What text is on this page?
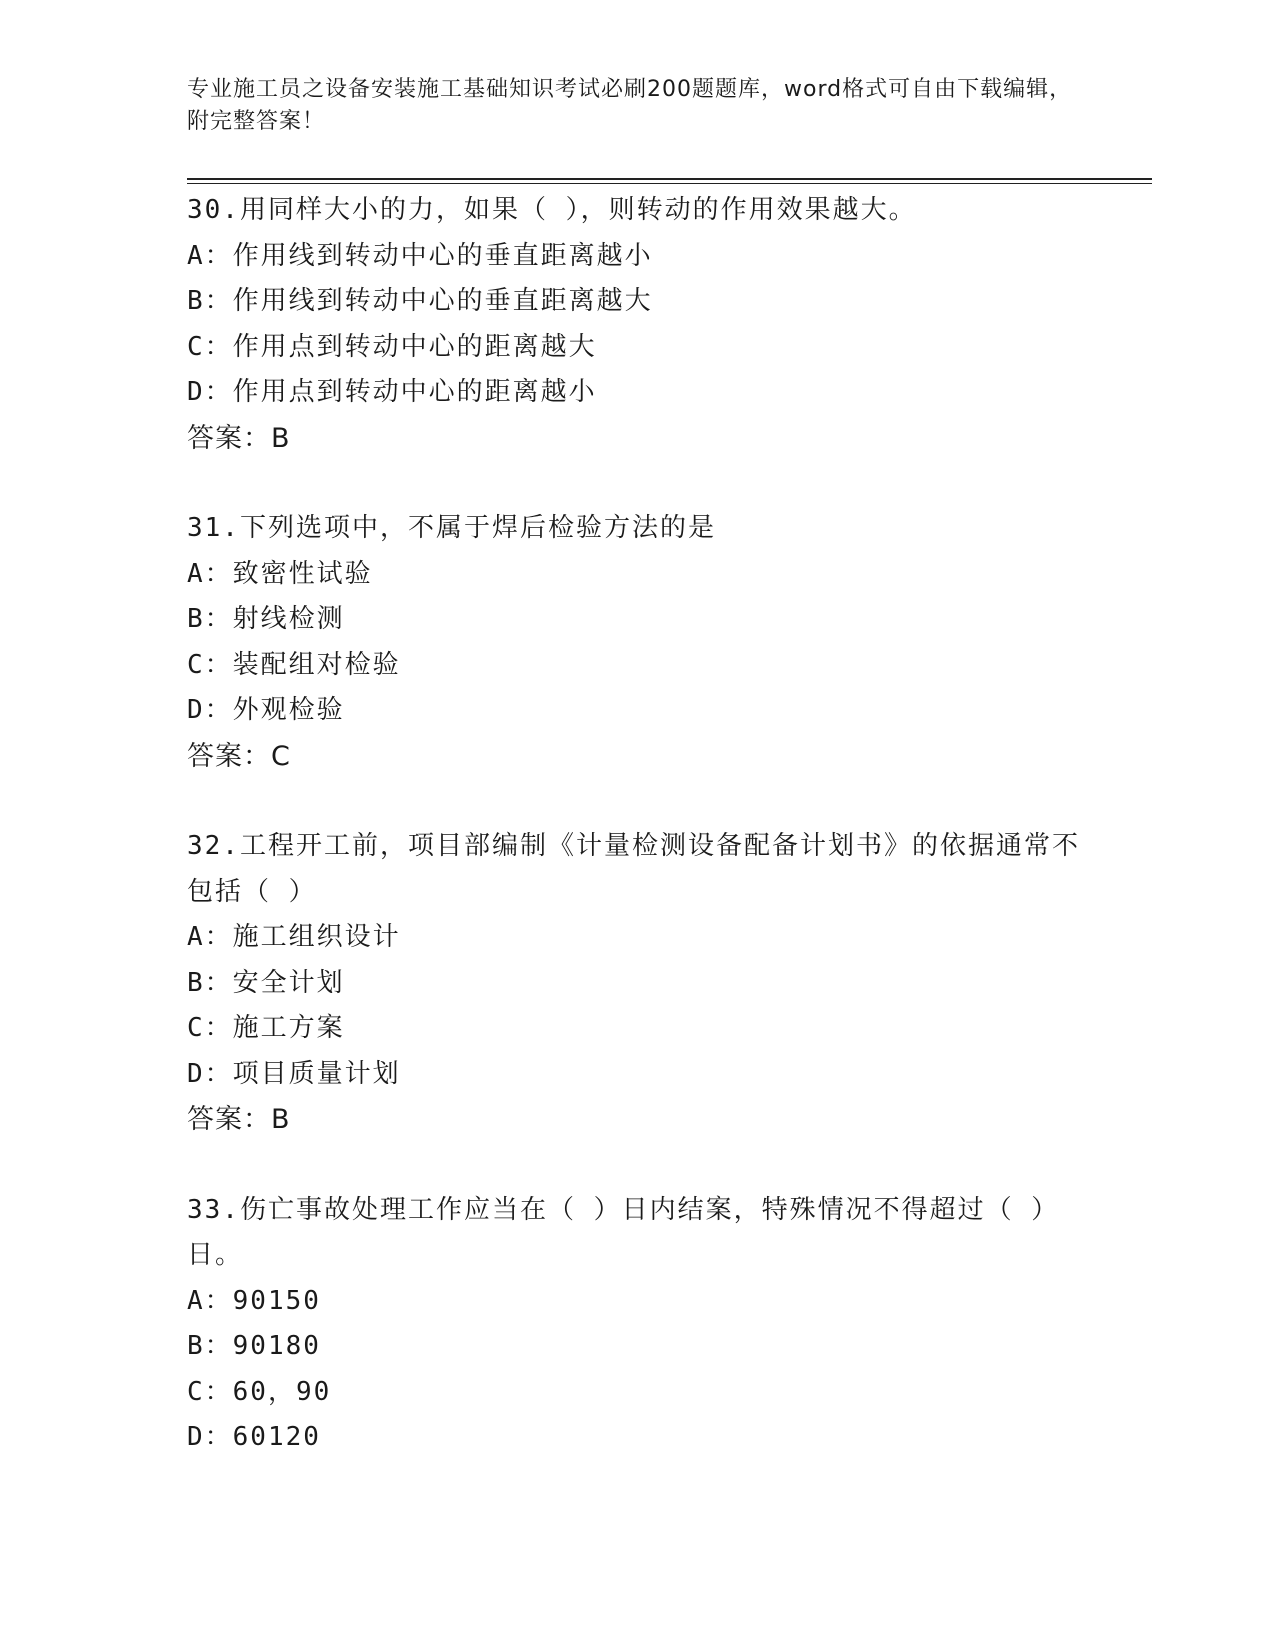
专业施工员之设备安装施工基础知识考试必刷200题题库，word格式可自由下载编辑，附完整答案！
30.用同样大小的力，如果（ ），则转动的作用效果越大。
A：作用线到转动中心的垂直距离越小
B：作用线到转动中心的垂直距离越大
C：作用点到转动中心的距离越大
D：作用点到转动中心的距离越小
答案：B
31.下列选项中，不属于焊后检验方法的是
A：致密性试验
B：射线检测
C：装配组对检验
D：外观检验
答案：C
32.工程开工前，项目部编制《计量检测设备配备计划书》的依据通常不包括（ ）
A：施工组织设计
B：安全计划
C：施工方案
D：项目质量计划
答案：B
33.伤亡事故处理工作应当在（ ）日内结案，特殊情况不得超过（ ）日。
A：90150
B：90180
C：60，90
D：60120
